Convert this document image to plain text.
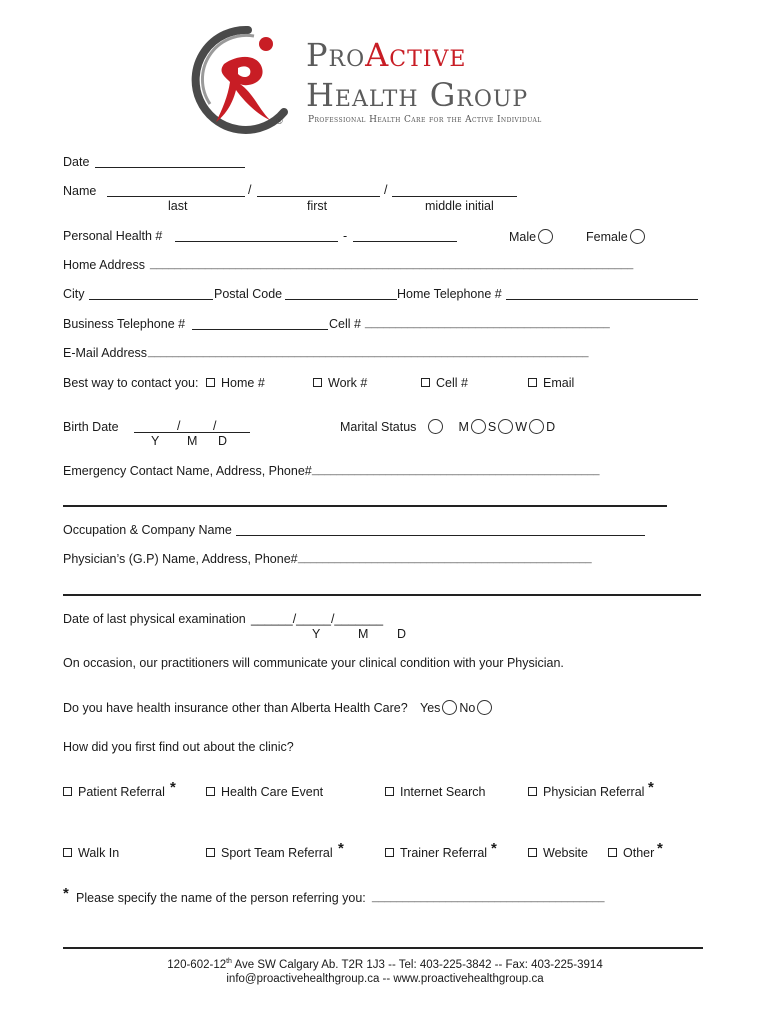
ProActive
Health Group
®	Professional Health Care for the Active Individual
Date
Name	/	/
last	first	middle initial
Personal Health #	-	Male	Female
Home Address _______________________________________________________________________________
City	Postal Code	Home Telephone #
Business Telephone #	Cell # ________________________________________
E-Mail Address ________________________________________________________________________
Best way to contact you:	Home #	Work #	Cell #	Email
Birth Date	/	/
Y M D
Marital Status	M S W D
Emergency Contact Name, Address, Phone# _______________________________________________
Occupation & Company Name
Physician’s (G.P) Name, Address, Phone# ________________________________________________
Date of last physical examination ______/_____/_______
Y	M D
On occasion, our practitioners will communicate your clinical condition with your Physician.
Do you have health insurance other than Alberta Health Care? Yes No
How did you first find out about the clinic?
Patient Referral *	Health Care Event	Internet Search	Physician Referral *
Walk In	Sport Team Referral *	Trainer Referral *	Website	Other *
* Please specify the name of the person referring you: ______________________________________
120-602-12th Ave SW Calgary Ab. T2R 1J3 -- Tel: 403-225-3842 -- Fax: 403-225-3914
info@proactivehealthgroup.ca -- www.proactivehealthgroup.ca
